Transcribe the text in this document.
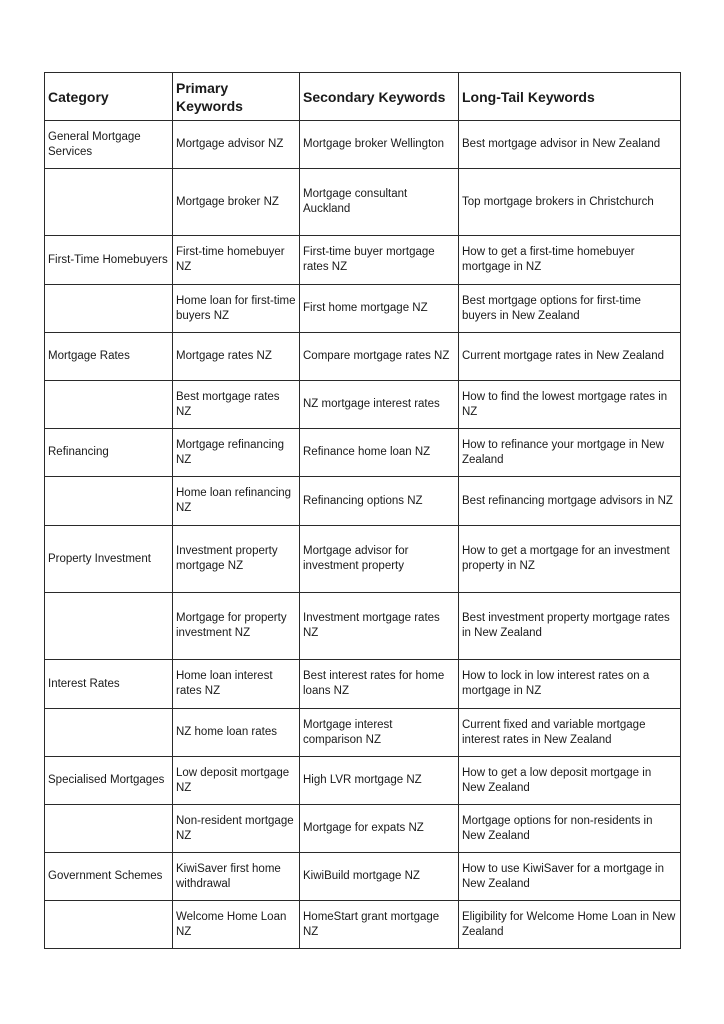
Category	Primary Keywords	Secondary Keywords	Long-Tail Keywords
General Mortgage Services	Mortgage advisor NZ	Mortgage broker Wellington	Best mortgage advisor in New Zealand
	Mortgage broker NZ	Mortgage consultant Auckland	Top mortgage brokers in Christchurch
First-Time Homebuyers	First-time homebuyer NZ	First-time buyer mortgage rates NZ	How to get a first-time homebuyer mortgage in NZ
	Home loan for first-time buyers NZ	First home mortgage NZ	Best mortgage options for first-time buyers in New Zealand
Mortgage Rates	Mortgage rates NZ	Compare mortgage rates NZ	Current mortgage rates in New Zealand
	Best mortgage rates NZ	NZ mortgage interest rates	How to find the lowest mortgage rates in NZ
Refinancing	Mortgage refinancing NZ	Refinance home loan NZ	How to refinance your mortgage in New Zealand
	Home loan refinancing NZ	Refinancing options NZ	Best refinancing mortgage advisors in NZ
Property Investment	Investment property mortgage NZ	Mortgage advisor for investment property	How to get a mortgage for an investment property in NZ
	Mortgage for property investment NZ	Investment mortgage rates NZ	Best investment property mortgage rates in New Zealand
Interest Rates	Home loan interest rates NZ	Best interest rates for home loans NZ	How to lock in low interest rates on a mortgage in NZ
	NZ home loan rates	Mortgage interest comparison NZ	Current fixed and variable mortgage interest rates in New Zealand
Specialised Mortgages	Low deposit mortgage NZ	High LVR mortgage NZ	How to get a low deposit mortgage in New Zealand
	Non-resident mortgage NZ	Mortgage for expats NZ	Mortgage options for non-residents in New Zealand
Government Schemes	KiwiSaver first home withdrawal	KiwiBuild mortgage NZ	How to use KiwiSaver for a mortgage in New Zealand
	Welcome Home Loan NZ	HomeStart grant mortgage NZ	Eligibility for Welcome Home Loan in New Zealand
